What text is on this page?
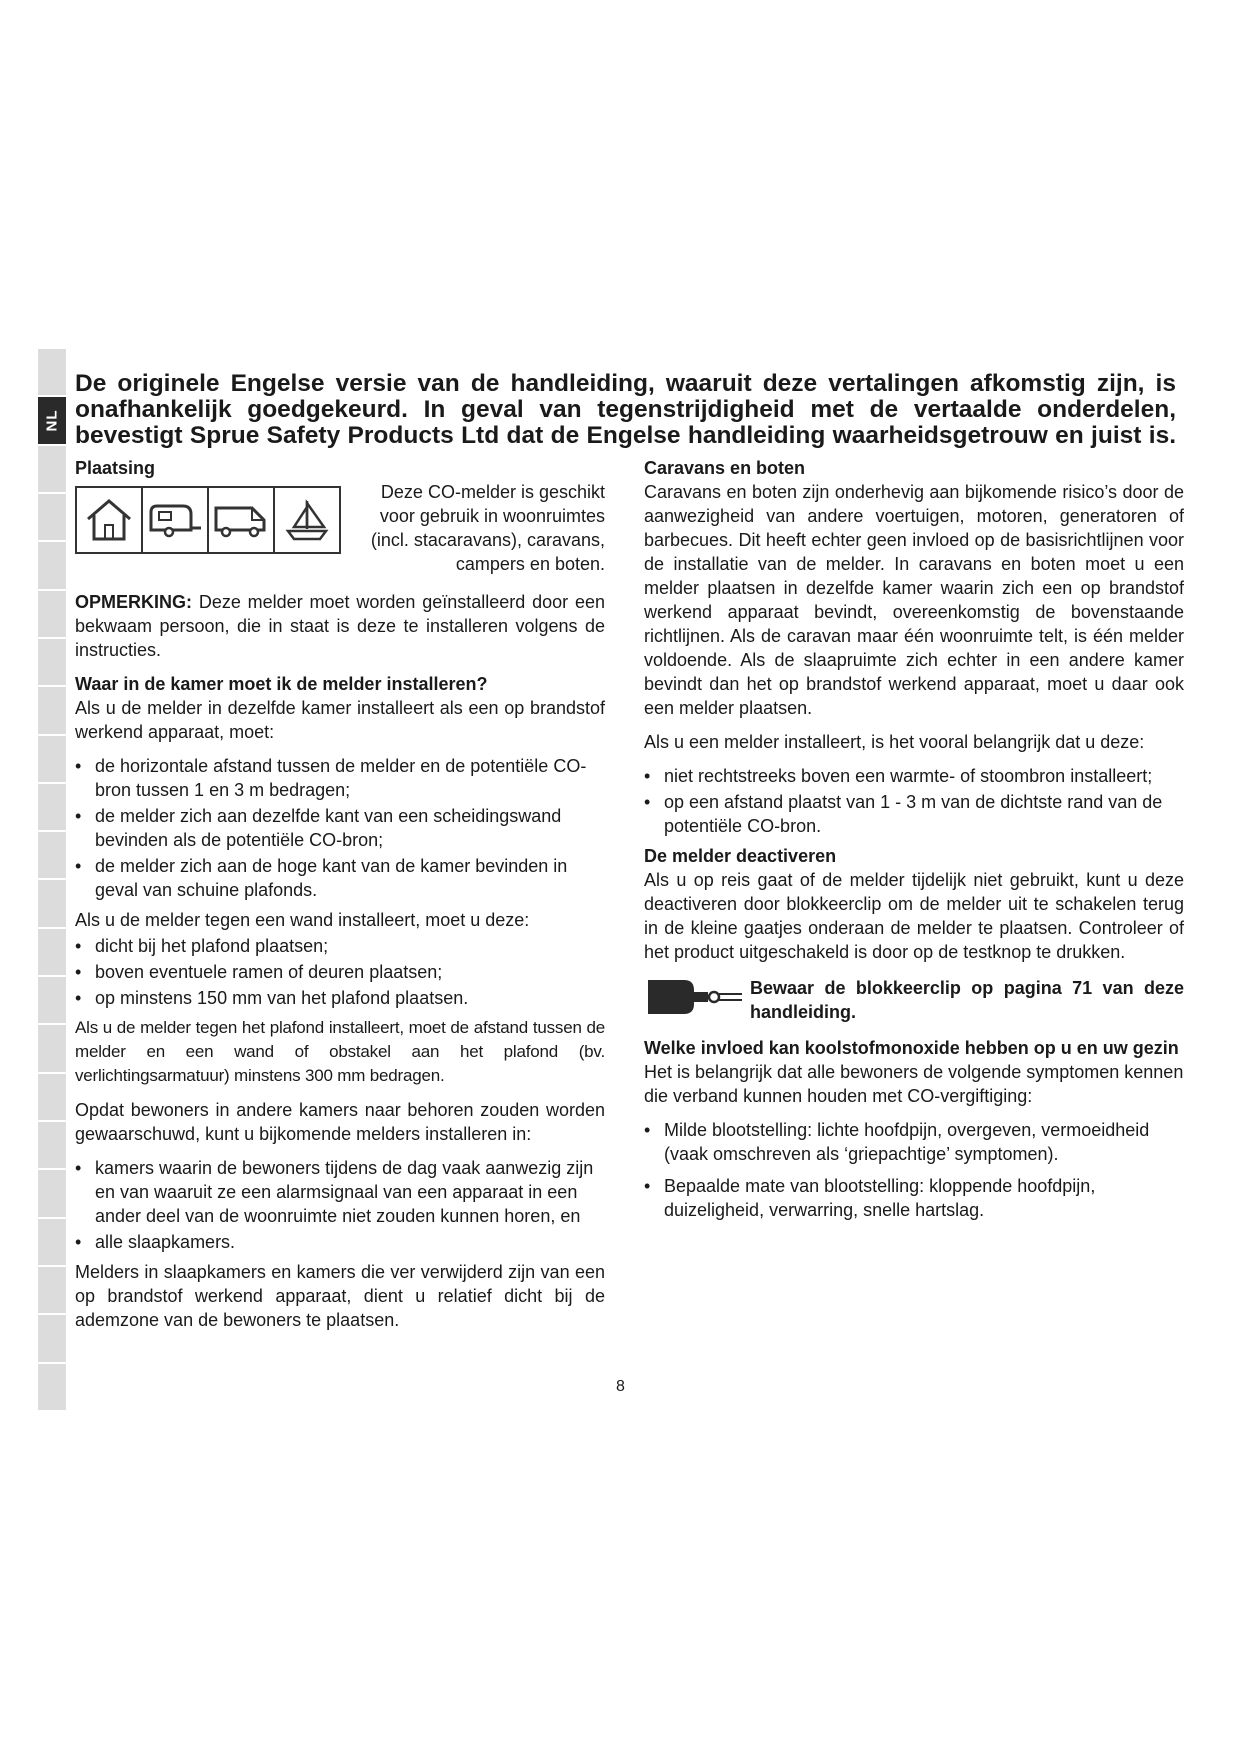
NL

De originele Engelse versie van de handleiding, waaruit deze vertalingen afkomstig zijn, is onafhankelijk goedgekeurd. In geval van tegenstrijdigheid met de vertaalde onderdelen, bevestigt Sprue Safety Products Ltd dat de Engelse handleiding waarheidsgetrouw en juist is.

Plaatsing
Deze CO-melder is geschikt voor gebruik in woonruimtes (incl. stacaravans), caravans, campers en boten.

OPMERKING: Deze melder moet worden geïnstalleerd door een bekwaam persoon, die in staat is deze te installeren volgens de instructies.

Waar in de kamer moet ik de melder installeren?

Als u de melder in dezelfde kamer installeert als een op brandstof werkend apparaat, moet:

• de horizontale afstand tussen de melder en de potentiële CO-bron tussen 1 en 3 m bedragen;
• de melder zich aan dezelfde kant van een scheidingswand bevinden als de potentiële CO-bron;
• de melder zich aan de hoge kant van de kamer bevinden in geval van schuine plafonds.

Als u de melder tegen een wand installeert, moet u deze:

• dicht bij het plafond plaatsen;
• boven eventuele ramen of deuren plaatsen;
• op minstens 150 mm van het plafond plaatsen.

Als u de melder tegen het plafond installeert, moet de afstand tussen de melder en een wand of obstakel aan het plafond (bv. verlichtingsarmatuur) minstens 300 mm bedragen.

Opdat bewoners in andere kamers naar behoren zouden worden gewaarschuwd, kunt u bijkomende melders installeren in:

• kamers waarin de bewoners tijdens de dag vaak aanwezig zijn en van waaruit ze een alarmsignaal van een apparaat in een ander deel van de woonruimte niet zouden kunnen horen, en
• alle slaapkamers.

Melders in slaapkamers en kamers die ver verwijderd zijn van een op brandstof werkend apparaat, dient u relatief dicht bij de ademzone van de bewoners te plaatsen.

Caravans en boten

Caravans en boten zijn onderhevig aan bijkomende risico’s door de aanwezigheid van andere voertuigen, motoren, generatoren of barbecues. Dit heeft echter geen invloed op de basisrichtlijnen voor de installatie van de melder. In caravans en boten moet u een melder plaatsen in dezelfde kamer waarin zich een op brandstof werkend apparaat bevindt, overeenkomstig de bovenstaande richtlijnen. Als de caravan maar één woonruimte telt, is één melder voldoende. Als de slaapruimte zich echter in een andere kamer bevindt dan het op brandstof werkend apparaat, moet u daar ook een melder plaatsen.

Als u een melder installeert, is het vooral belangrijk dat u deze:

• niet rechtstreeks boven een warmte- of stoombron installeert;
• op een afstand plaatst van 1 - 3 m van de dichtste rand van de potentiële CO-bron.
De melder deactiveren

Als u op reis gaat of de melder tijdelijk niet gebruikt, kunt u deze deactiveren door blokkeerclip om de melder uit te schakelen terug in de kleine gaatjes onderaan de melder te plaatsen. Controleer of het product uitgeschakeld is door op de testknop te drukken.

Bewaar de blokkeerclip op pagina 71 van deze handleiding.
Welke invloed kan koolstofmonoxide hebben op u en uw gezin

Het is belangrijk dat alle bewoners de volgende symptomen kennen die verband kunnen houden met CO-vergiftiging:

• Milde blootstelling: lichte hoofdpijn, overgeven, vermoeidheid (vaak omschreven als ‘griepachtige’ symptomen).
• Bepaalde mate van blootstelling: kloppende hoofdpijn, duizeligheid, verwarring, snelle hartslag.
8
